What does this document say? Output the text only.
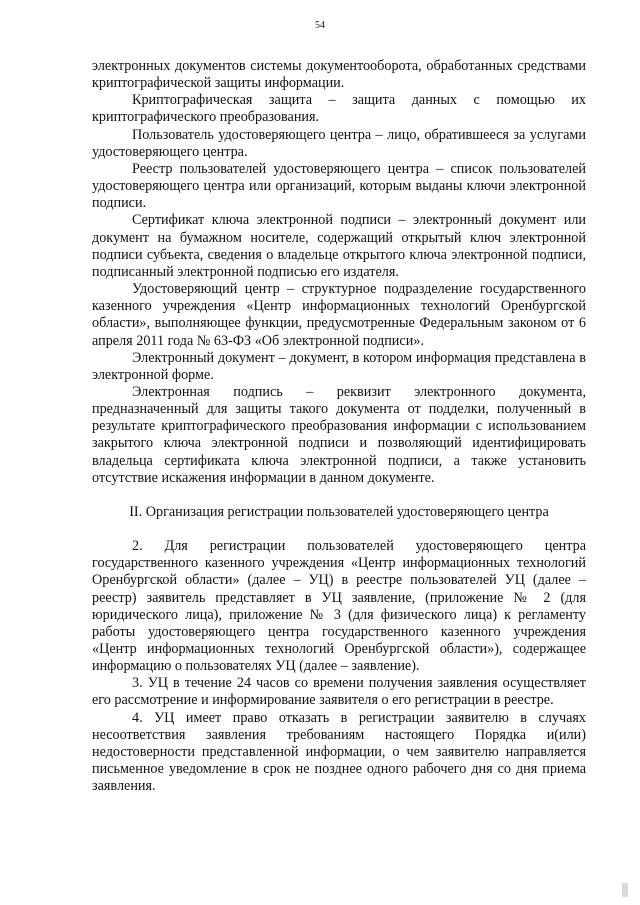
54

электронных документов системы документооборота, обработанных средствами криптографической защиты информации.

Криптографическая защита – защита данных с помощью их криптографического преобразования.

Пользователь удостоверяющего центра – лицо, обратившееся за услугами удостоверяющего центра.

Реестр пользователей удостоверяющего центра – список пользователей удостоверяющего центра или организаций, которым выданы ключи электронной подписи.

Сертификат ключа электронной подписи – электронный документ или документ на бумажном носителе, содержащий открытый ключ электронной подписи субъекта, сведения о владельце открытого ключа электронной подписи, подписанный электронной подписью его издателя.

Удостоверяющий центр – структурное подразделение государственного казенного учреждения «Центр информационных технологий Оренбургской области», выполняющее функции, предусмотренные Федеральным законом от 6 апреля 2011 года № 63-ФЗ «Об электронной подписи».

Электронный документ – документ, в котором информация представлена в электронной форме.

Электронная подпись – реквизит электронного документа, предназначенный для защиты такого документа от подделки, полученный в результате криптографического преобразования информации с использованием закрытого ключа электронной подписи и позволяющий идентифицировать владельца сертификата ключа электронной подписи, а также установить отсутствие искажения информации в данном документе.

II. Организация регистрации пользователей удостоверяющего центра

2. Для регистрации пользователей удостоверяющего центра государственного казенного учреждения «Центр информационных технологий Оренбургской области» (далее – УЦ) в реестре пользователей УЦ (далее – реестр) заявитель представляет в УЦ заявление, (приложение № 2 (для юридического лица), приложение № 3 (для физического лица) к регламенту работы удостоверяющего центра государственного казенного учреждения «Центр информационных технологий Оренбургской области»), содержащее информацию о пользователях УЦ (далее – заявление).

3. УЦ в течение 24 часов со времени получения заявления осуществляет его рассмотрение и информирование заявителя о его регистрации в реестре.

4. УЦ имеет право отказать в регистрации заявителю в случаях несоответствия заявления требованиям настоящего Порядка и(или) недостоверности представленной информации, о чем заявителю направляется письменное уведомление в срок не позднее одного рабочего дня со дня приема заявления.
